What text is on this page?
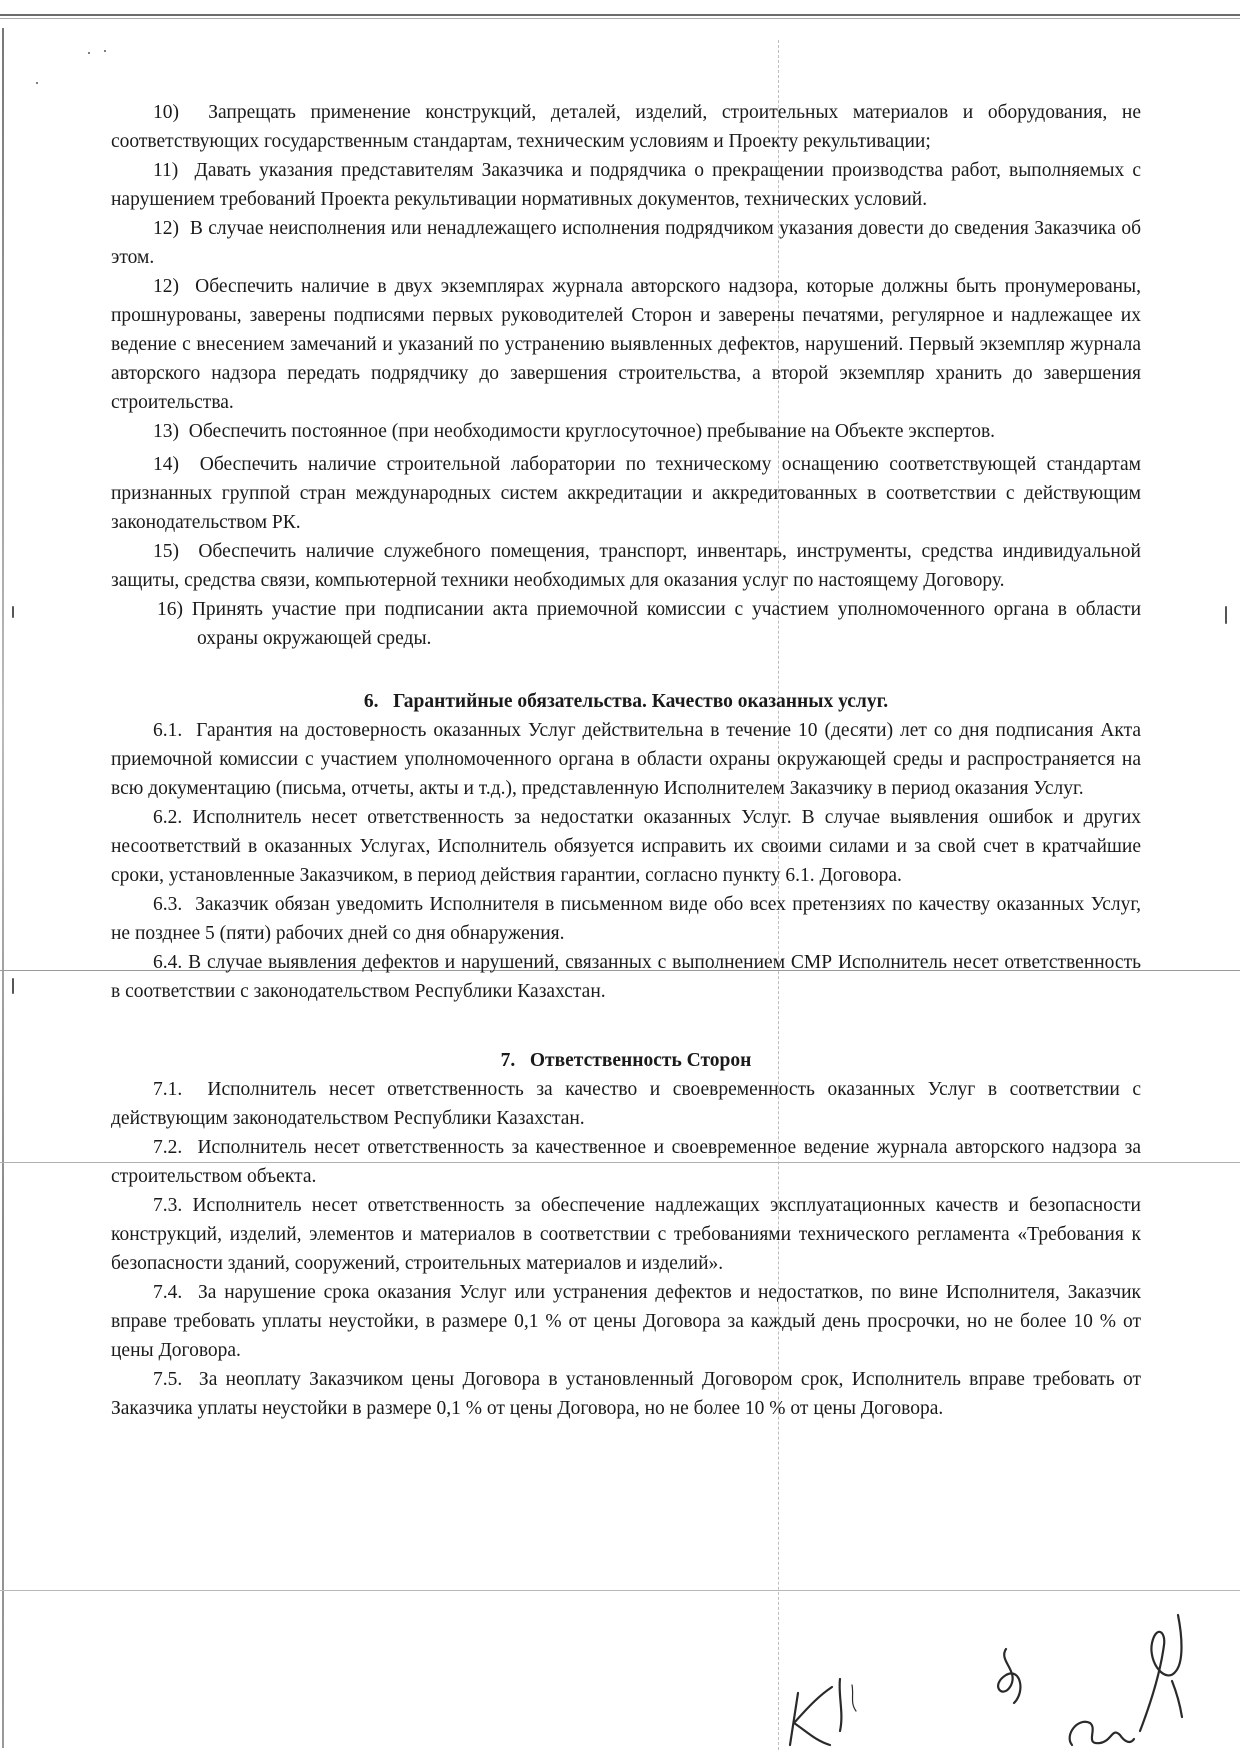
10) Запрещать применение конструкций, деталей, изделий, строительных материалов и оборудования, не соответствующих государственным стандартам, техническим условиям и Проекту рекультивации;

11) Давать указания представителям Заказчика и подрядчика о прекращении производства работ, выполняемых с нарушением требований Проекта рекультивации нормативных документов, технических условий.

12) В случае неисполнения или ненадлежащего исполнения подрядчиком указания довести до сведения Заказчика об этом.

12) Обеспечить наличие в двух экземплярах журнала авторского надзора, которые должны быть пронумерованы, прошнурованы, заверены подписями первых руководителей Сторон и заверены печатями, регулярное и надлежащее их ведение с внесением замечаний и указаний по устранению выявленных дефектов, нарушений. Первый экземпляр журнала авторского надзора передать подрядчику до завершения строительства, а второй экземпляр хранить до завершения строительства.

13) Обеспечить постоянное (при необходимости круглосуточное) пребывание на Объекте экспертов.

14) Обеспечить наличие строительной лаборатории по техническому оснащению соответствующей стандартам признанных группой стран международных систем аккредитации и аккредитованных в соответствии с действующим законодательством РК.

15) Обеспечить наличие служебного помещения, транспорт, инвентарь, инструменты, средства индивидуальной защиты, средства связи, компьютерной техники необходимых для оказания услуг по настоящему Договору.

16) Принять участие при подписании акта приемочной комиссии с участием уполномоченного органа в области охраны окружающей среды.

6.   Гарантийные обязательства. Качество оказанных услуг.

6.1. Гарантия на достоверность оказанных Услуг действительна в течение 10 (десяти) лет со дня подписания Акта приемочной комиссии с участием уполномоченного органа в области охраны окружающей среды и распространяется на всю документацию (письма, отчеты, акты и т.д.), представленную Исполнителем Заказчику в период оказания Услуг.

6.2. Исполнитель несет ответственность за недостатки оказанных Услуг. В случае выявления ошибок и других несоответствий в оказанных Услугах, Исполнитель обязуется исправить их своими силами и за свой счет в кратчайшие сроки, установленные Заказчиком, в период действия гарантии, согласно пункту 6.1. Договора.

6.3. Заказчик обязан уведомить Исполнителя в письменном виде обо всех претензиях по качеству оказанных Услуг, не позднее 5 (пяти) рабочих дней со дня обнаружения.

6.4. В случае выявления дефектов и нарушений, связанных с выполнением СМР Исполнитель несет ответственность в соответствии с законодательством Республики Казахстан.

7.   Ответственность Сторон

7.1. Исполнитель несет ответственность за качество и своевременность оказанных Услуг в соответствии с действующим законодательством Республики Казахстан.

7.2. Исполнитель несет ответственность за качественное и своевременное ведение журнала авторского надзора за строительством объекта.

7.3. Исполнитель несет ответственность за обеспечение надлежащих эксплуатационных качеств и безопасности конструкций, изделий, элементов и материалов в соответствии с требованиями технического регламента «Требования к безопасности зданий, сооружений, строительных материалов и изделий».

7.4. За нарушение срока оказания Услуг или устранения дефектов и недостатков, по вине Исполнителя, Заказчик вправе требовать уплаты неустойки, в размере 0,1 % от цены Договора за каждый день просрочки, но не более 10 % от цены Договора.

7.5. За неоплату Заказчиком цены Договора в установленный Договором срок, Исполнитель вправе требовать от Заказчика уплаты неустойки в размере 0,1 % от цены Договора, но не более 10 % от цены Договора.
